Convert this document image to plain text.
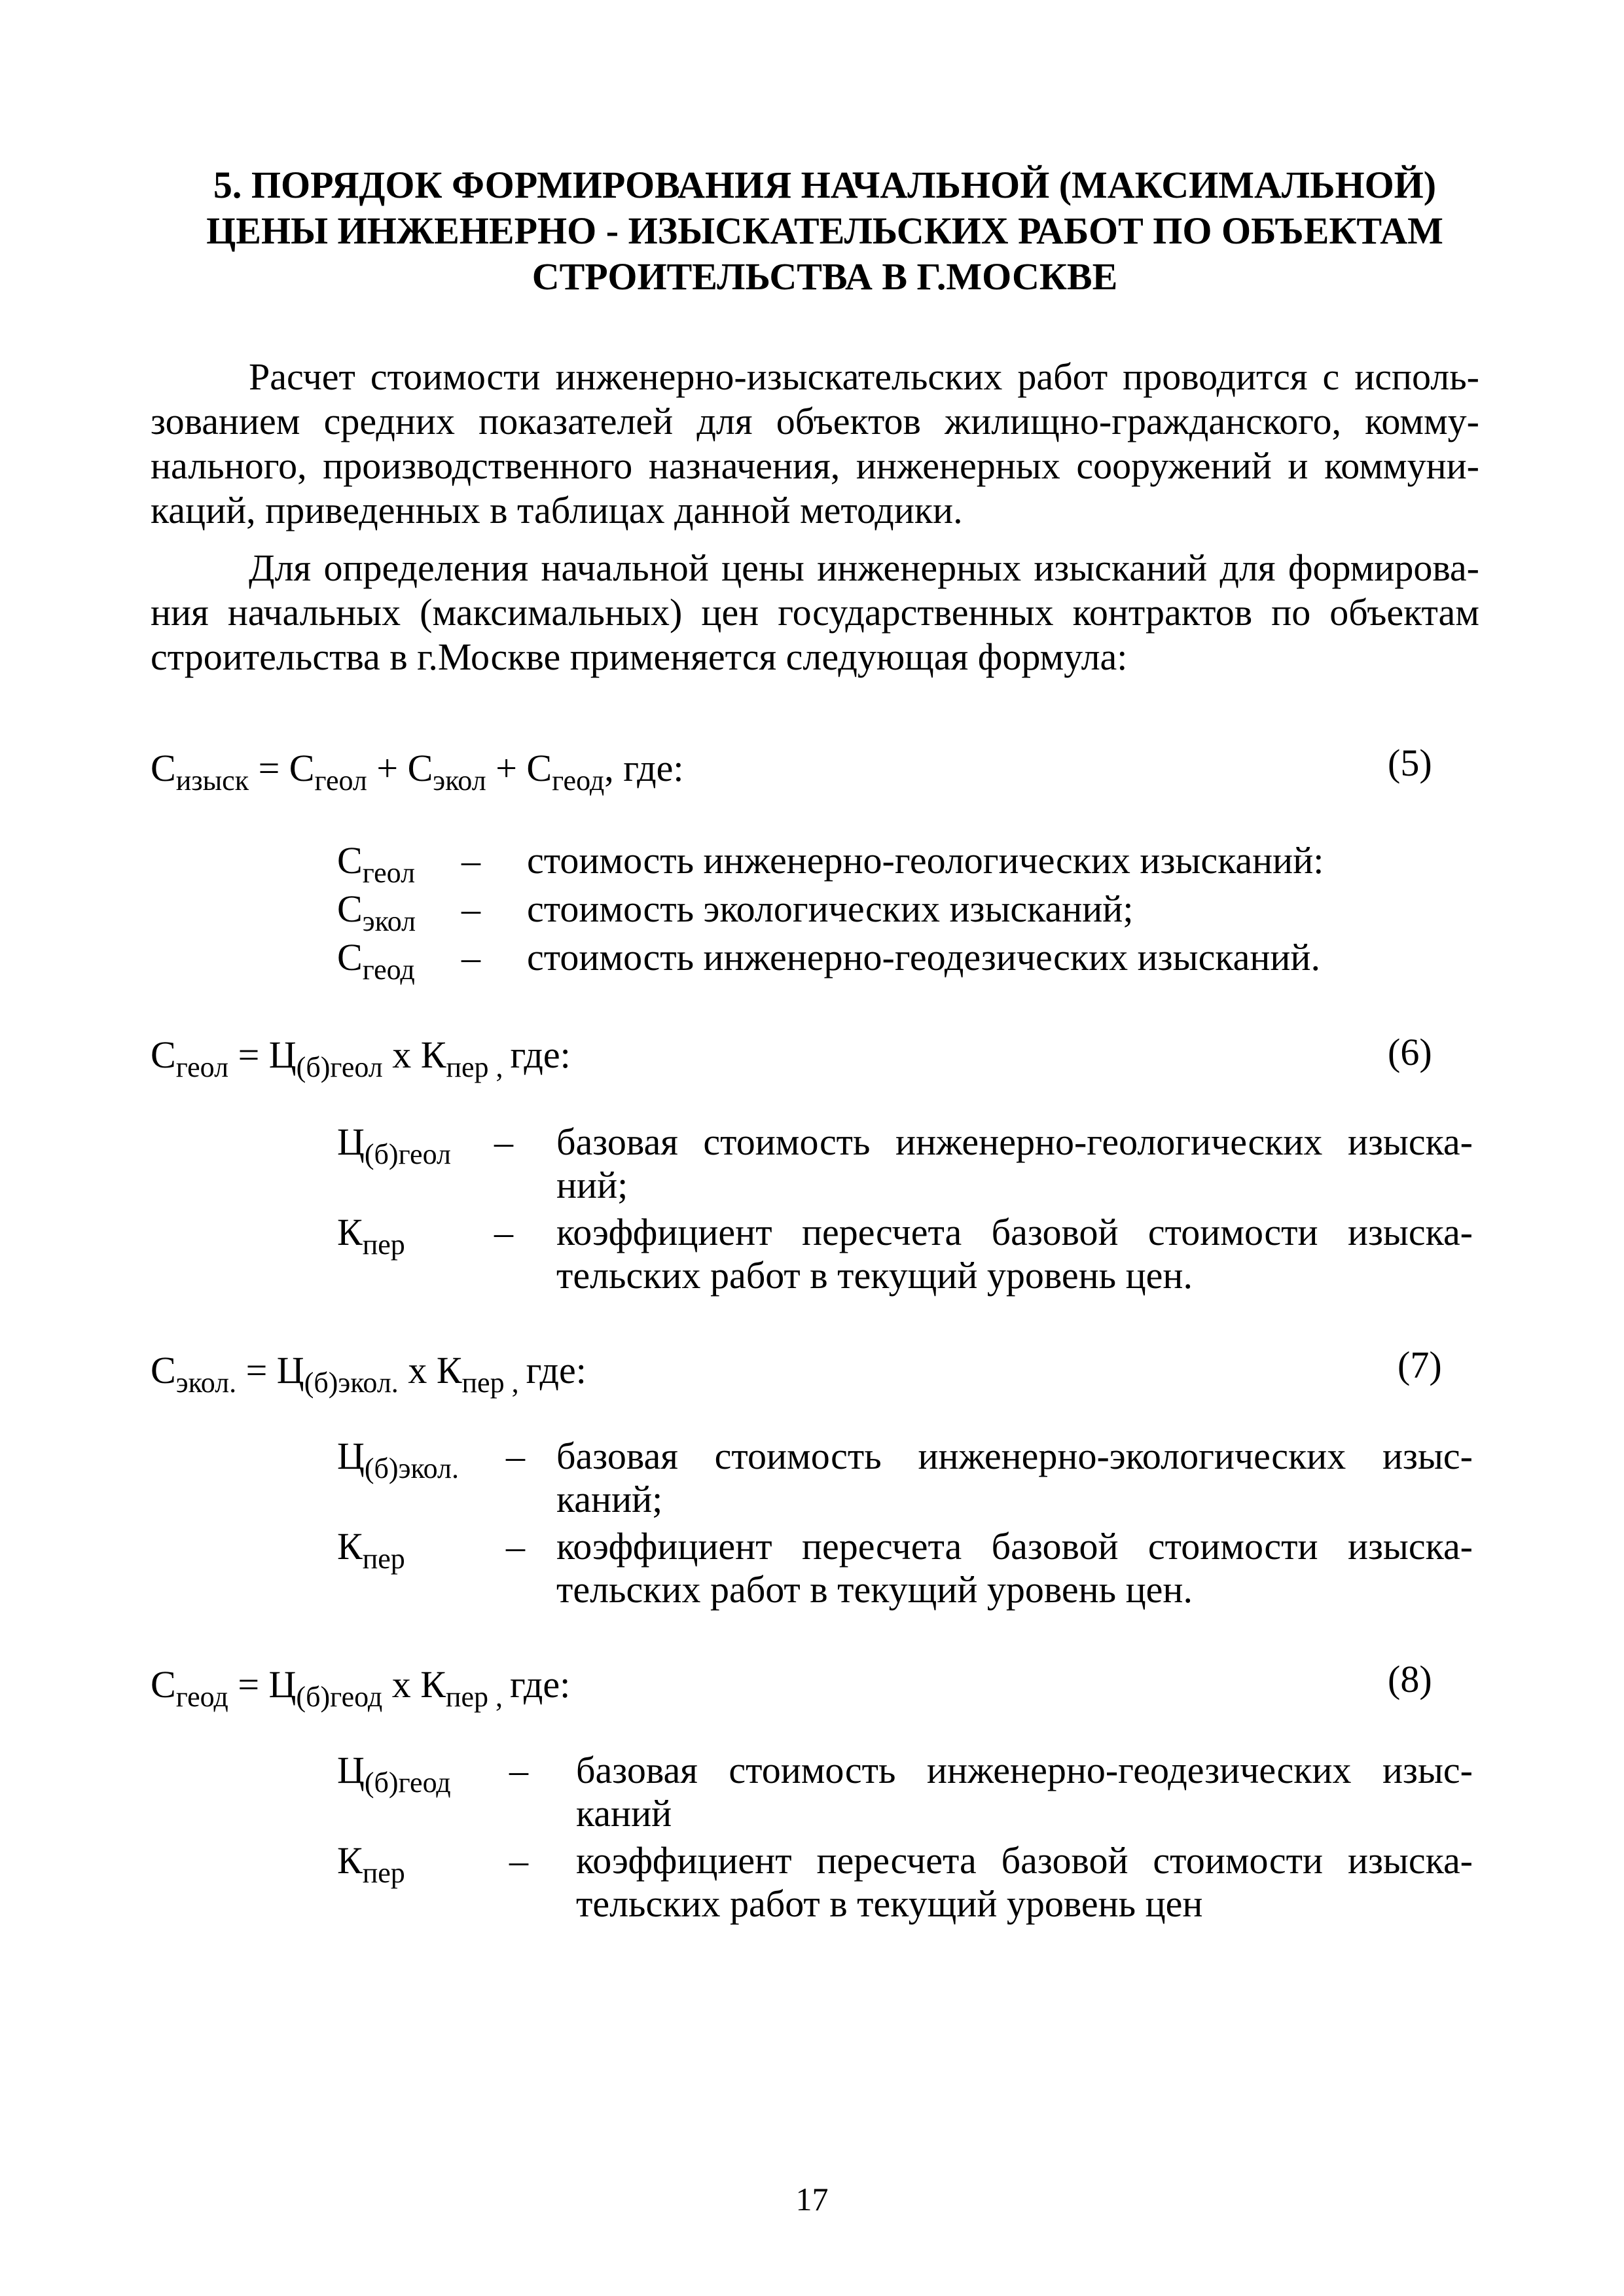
5. ПОРЯДОК ФОРМИРОВАНИЯ НАЧАЛЬНОЙ (МАКСИМАЛЬНОЙ)
ЦЕНЫ ИНЖЕНЕРНО - ИЗЫСКАТЕЛЬСКИХ РАБОТ ПО ОБЪЕКТАМ
СТРОИТЕЛЬСТВА В Г.МОСКВЕ
Расчет стоимости инженерно-изыскательских работ проводится с исполь-
зованием средних показателей для объектов жилищно-гражданского, комму-
нального, производственного назначения, инженерных сооружений и коммуни-
каций, приведенных в таблицах данной методики.
Для определения начальной цены инженерных изысканий для формирова-
ния начальных (максимальных) цен государственных контрактов по объектам
строительства в г.Москве применяется следующая формула:
$С_{изыск} = С_{геол} + С_{экол} + С_{геод}$, где:	(5)
$С_{геол}$ – стоимость инженерно-геологических изысканий:
$С_{экол}$ – стоимость экологических изысканий;
$С_{геод}$ – стоимость инженерно-геодезических изысканий.
$С_{геол} = Ц_{(б)геол}$ х $К_{пер ,}$ где:	(6)
$Ц_{(б)геол}$ – базовая стоимость инженерно-геологических изыска-
ний;
$К_{пер}$ – коэффициент пересчета базовой стоимости изыска-
тельских работ в текущий уровень цен.
$С_{экол.} = Ц_{(б)экол.}$ х $К_{пер ,}$ где:	(7)
$Ц_{(б)экол.}$ – базовая стоимость инженерно-экологических изыс-
каний;
$К_{пер}$	– коэффициент пересчета базовой стоимости изыска-
тельских работ в текущий уровень цен.
$С_{геод} = Ц_{(б)геод}$ х $К_{пер ,}$ где:	(8)
$Ц_{(б)геод}$ – базовая стоимость инженерно-геодезических изыс-
каний
$К_{пер}$	– коэффициент пересчета базовой стоимости изыска-
тельских работ в текущий уровень цен
17
